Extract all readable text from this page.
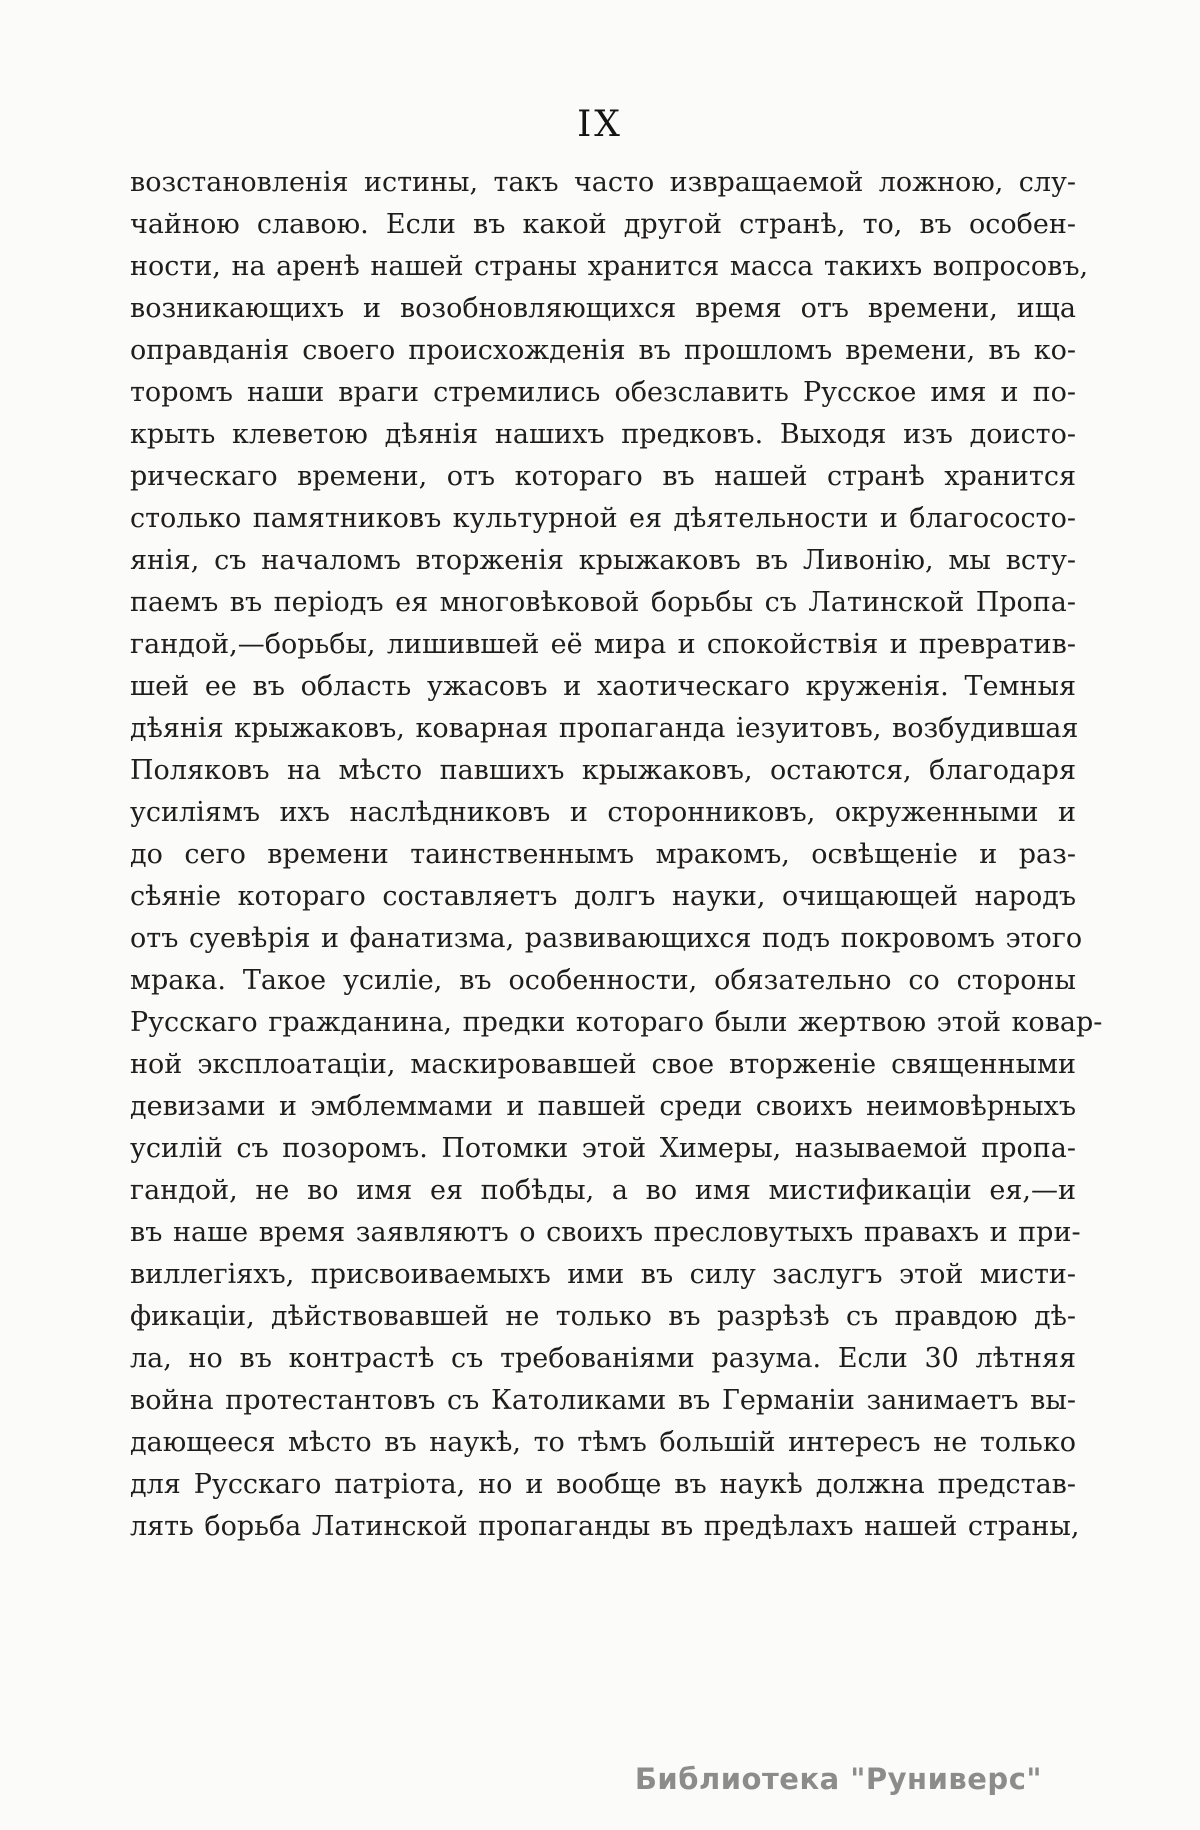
IX
возстановленія истины, такъ часто извращаемой ложною, слу-
чайною славою. Если въ какой другой странѣ, то, въ особен-
ности, на аренѣ нашей страны хранится масса такихъ вопросовъ,
возникающихъ и возобновляющихся время отъ времени, ища
оправданія своего происхожденія въ прошломъ времени, въ ко-
торомъ наши враги стремились обезславить Русское имя и по-
крыть клеветою дѣянія нашихъ предковъ. Выходя изъ доисто-
рическаго времени, отъ котораго въ нашей странѣ хранится
столько памятниковъ культурной ея дѣятельности и благососто-
янія, съ началомъ вторженія крыжаковъ въ Ливонію, мы всту-
паемъ въ періодъ ея многовѣковой борьбы съ Латинской Пропа-
гандой,—борьбы, лишившей её мира и спокойствія и превратив-
шей ее въ область ужасовъ и хаотическаго круженія. Темныя
дѣянія крыжаковъ, коварная пропаганда іезуитовъ, возбудившая
Поляковъ на мѣсто павшихъ крыжаковъ, остаются, благодаря
усиліямъ ихъ наслѣдниковъ и сторонниковъ, окруженными и
до сего времени таинственнымъ мракомъ, освѣщеніе и раз-
сѣяніе котораго составляетъ долгъ науки, очищающей народъ
отъ суевѣрія и фанатизма, развивающихся подъ покровомъ этого
мрака. Такое усиліе, въ особенности, обязательно со стороны
Русскаго гражданина, предки котораго были жертвою этой ковар-
ной эксплоатаціи, маскировавшей свое вторженіе священными
девизами и эмблеммами и павшей среди своихъ неимовѣрныхъ
усилій съ позоромъ. Потомки этой Химеры, называемой пропа-
гандой, не во имя ея побѣды, а во имя мистификаціи ея,—и
въ наше время заявляютъ о своихъ пресловутыхъ правахъ и при-
виллегіяхъ, присвоиваемыхъ ими въ силу заслугъ этой мисти-
фикаціи, дѣйствовавшей не только въ разрѣзѣ съ правдою дѣ-
ла, но въ контрастѣ съ требованіями разума. Если 30 лѣтняя
война протестантовъ съ Католиками въ Германіи занимаетъ вы-
дающееся мѣсто въ наукѣ, то тѣмъ большій интересъ не только
для Русскаго патріота, но и вообще въ наукѣ должна представ-
лять борьба Латинской пропаганды въ предѣлахъ нашей страны,
Библиотека "Руниверс"
